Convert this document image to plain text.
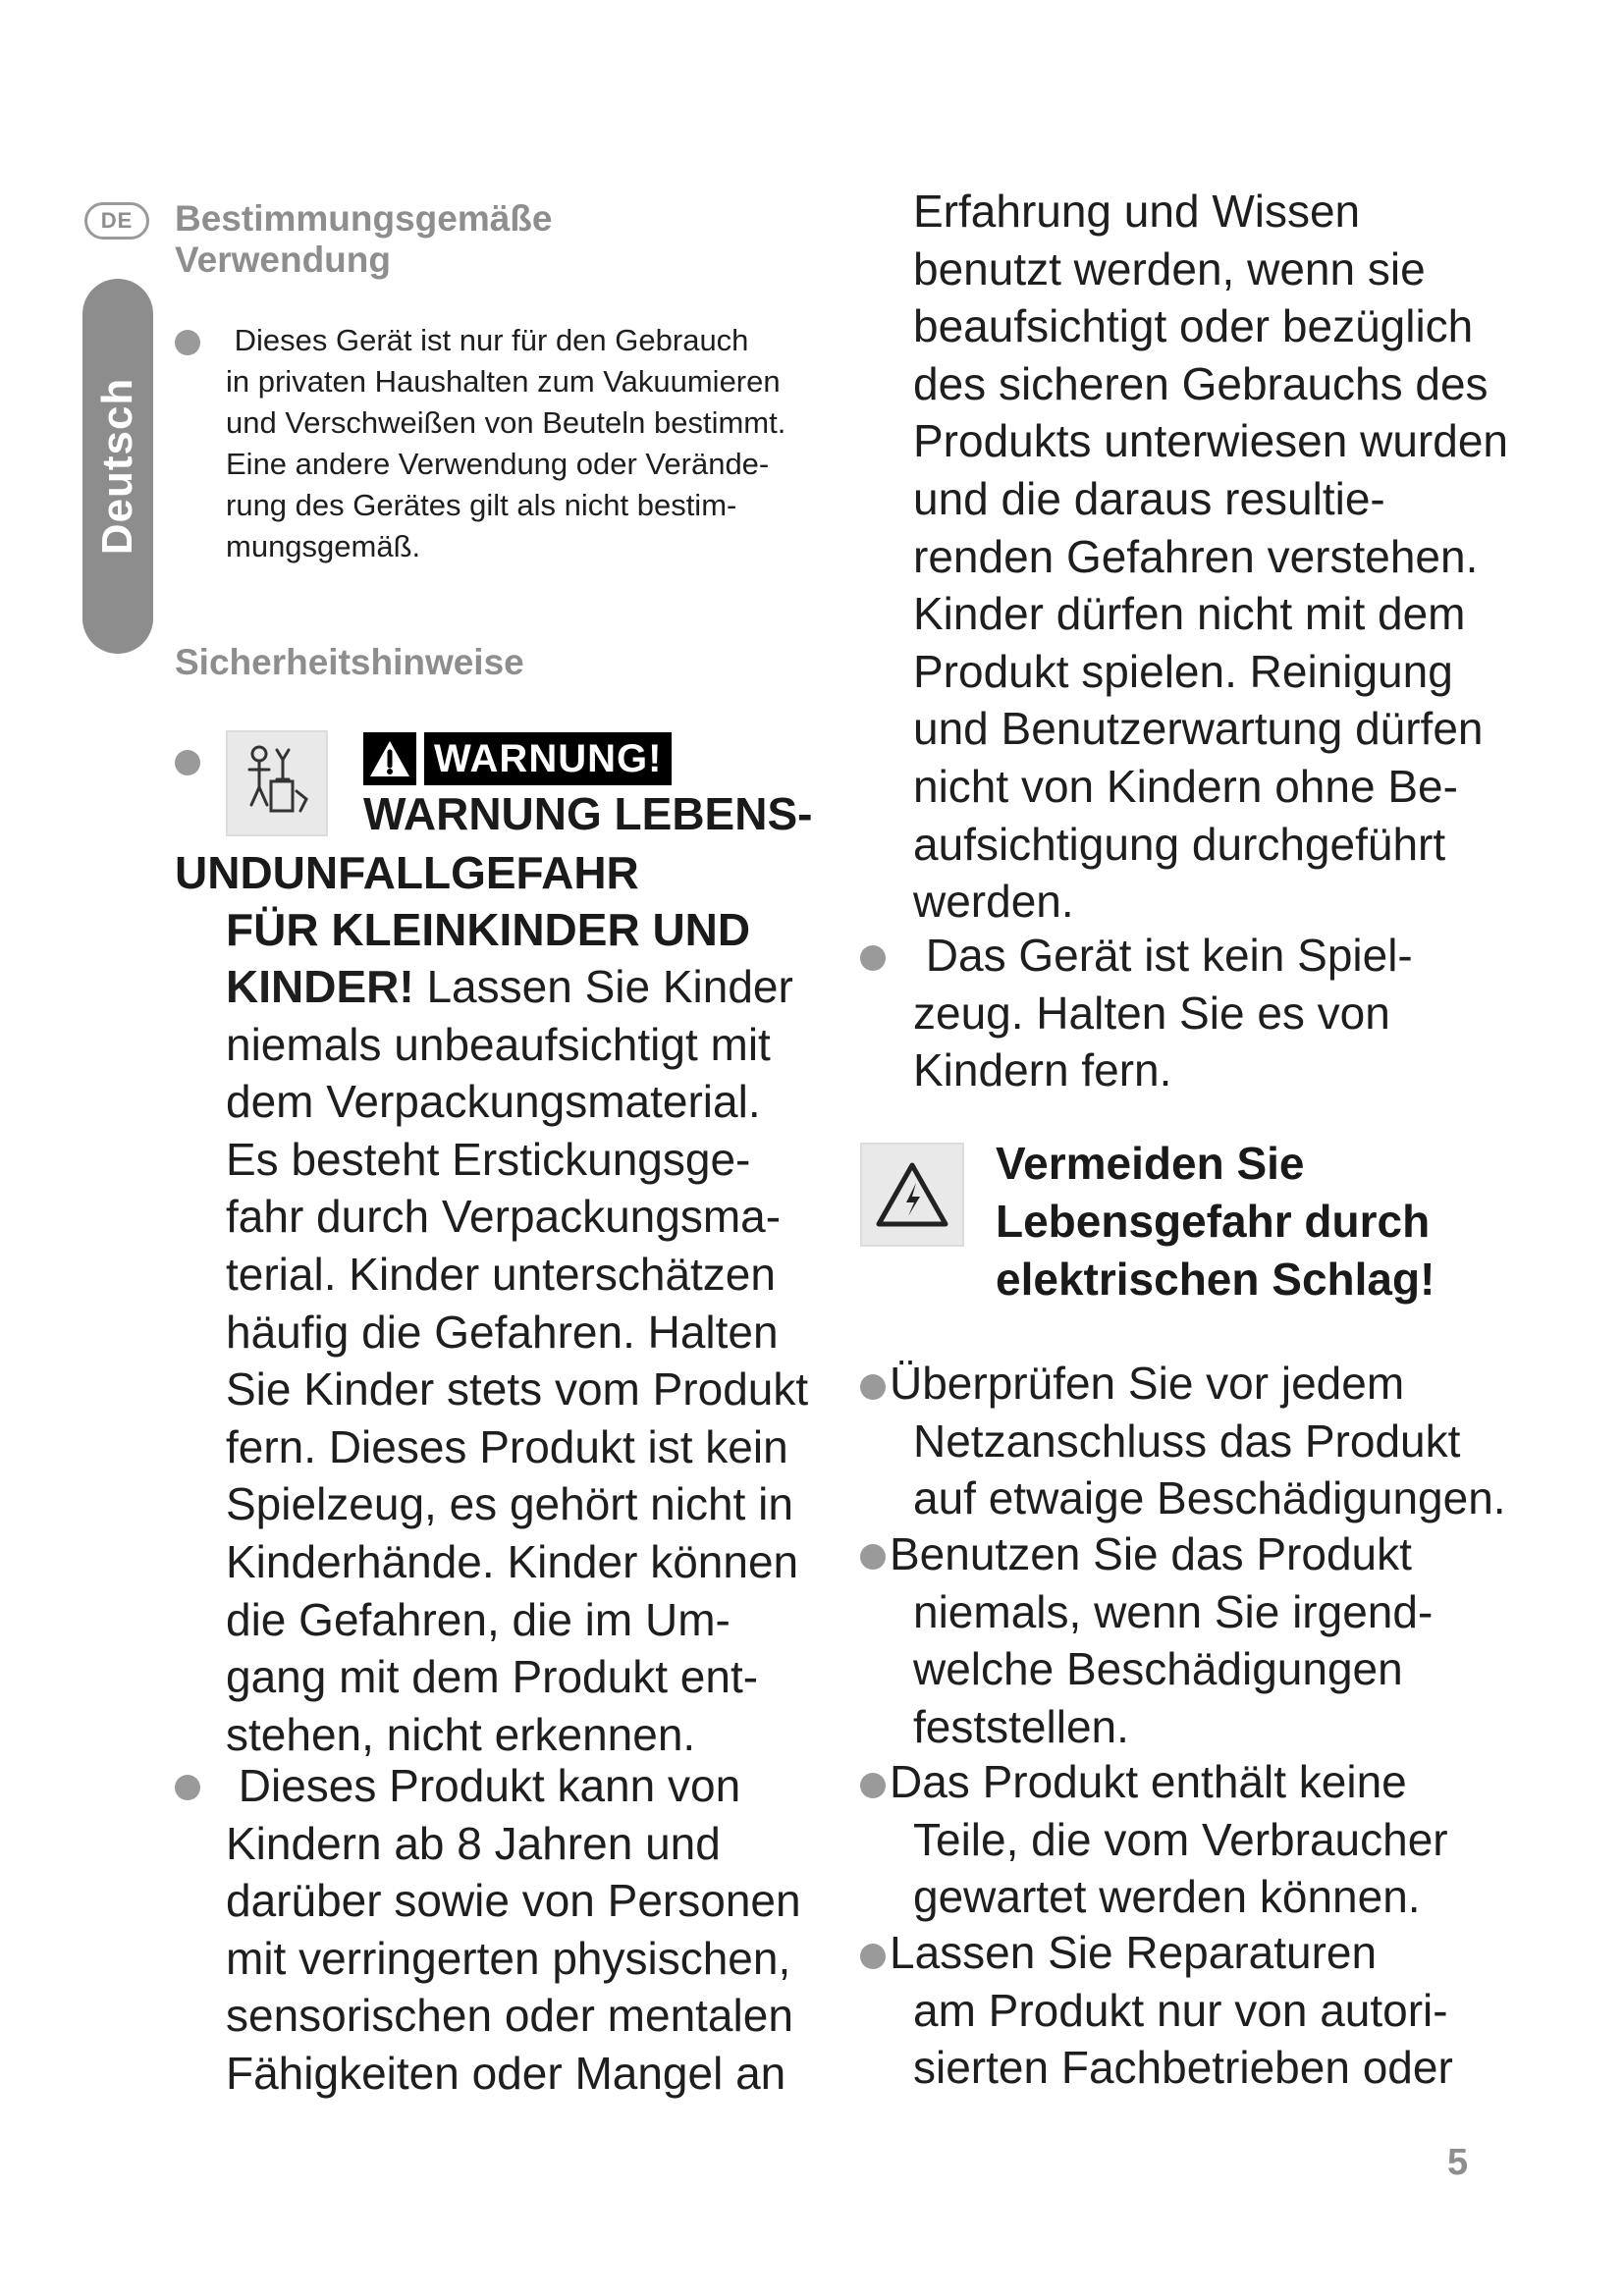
DE
Deutsch
Bestimmungsgemäße
Verwendung
Dieses Gerät ist nur für den Gebrauch
in privaten Haushalten zum Vakuumieren
und Verschweißen von Beuteln bestimmt.
Eine andere Verwendung oder Verände-
rung des Gerätes gilt als nicht bestim-
mungsgemäß.
Sicherheitshinweise
WARNUNG!
WARNUNG LEBENS-
UNDUNFALLGEFAHR
FÜR KLEINKINDER UND
KINDER! Lassen Sie Kinder
niemals unbeaufsichtigt mit
dem Verpackungsmaterial.
Es besteht Erstickungsge-
fahr durch Verpackungsma-
terial. Kinder unterschätzen
häufig die Gefahren. Halten
Sie Kinder stets vom Produkt
fern. Dieses Produkt ist kein
Spielzeug, es gehört nicht in
Kinderhände. Kinder können
die Gefahren, die im Um-
gang mit dem Produkt ent-
stehen, nicht erkennen.
Dieses Produkt kann von
Kindern ab 8 Jahren und
darüber sowie von Personen
mit verringerten physischen,
sensorischen oder mentalen
Fähigkeiten oder Mangel an
Erfahrung und Wissen
benutzt werden, wenn sie
beaufsichtigt oder bezüglich
des sicheren Gebrauchs des
Produkts unterwiesen wurden
und die daraus resultie-
renden Gefahren verstehen.
Kinder dürfen nicht mit dem
Produkt spielen. Reinigung
und Benutzerwartung dürfen
nicht von Kindern ohne Be-
aufsichtigung durchgeführt
werden.
Das Gerät ist kein Spiel-
zeug. Halten Sie es von
Kindern fern.
Vermeiden Sie
Lebensgefahr durch
elektrischen Schlag!
Überprüfen Sie vor jedem
Netzanschluss das Produkt
auf etwaige Beschädigungen.
Benutzen Sie das Produkt
niemals, wenn Sie irgend-
welche Beschädigungen
feststellen.
Das Produkt enthält keine
Teile, die vom Verbraucher
gewartet werden können.
Lassen Sie Reparaturen
am Produkt nur von autori-
sierten Fachbetrieben oder
5
